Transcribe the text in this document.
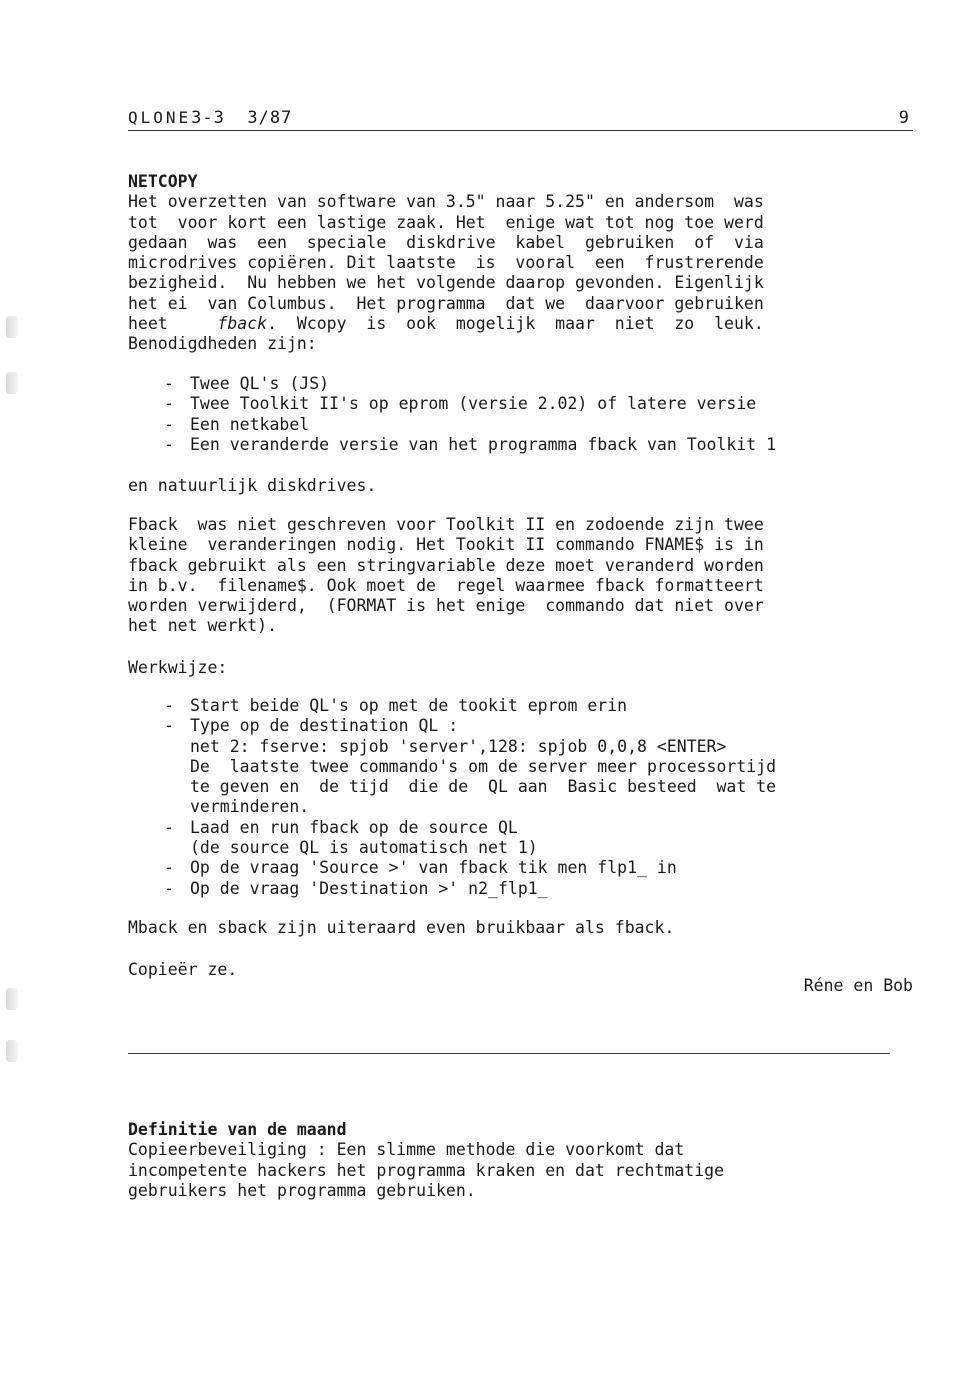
QLONE3-3  3/87	9
NETCOPY
Het overzetten van software van 3.5" naar 5.25" en andersom  was
tot  voor kort een lastige zaak. Het  enige wat tot nog toe werd
gedaan  was  een  speciale  diskdrive  kabel  gebruiken  of  via
microdrives copiëren. Dit laatste  is  vooral  een  frustrerende
bezigheid.  Nu hebben we het volgende daarop gevonden. Eigenlijk
het ei  van Columbus.  Het programma  dat we  daarvoor gebruiken
heet     fback.  Wcopy  is  ook  mogelijk  maar  niet  zo  leuk.
Benodigdheden zijn:
- Twee QL's (JS)
- Twee Toolkit II's op eprom (versie 2.02) of latere versie
- Een netkabel
- Een veranderde versie van het programma fback van Toolkit 1
en natuurlijk diskdrives.
Fback  was niet geschreven voor Toolkit II en zodoende zijn twee
kleine  veranderingen nodig. Het Tookit II commando FNAME$ is in
fback gebruikt als een stringvariable deze moet veranderd worden
in b.v.  filename$. Ook moet de  regel waarmee fback formatteert
worden verwijderd,  (FORMAT is het enige  commando dat niet over
het net werkt).
Werkwijze:
- Start beide QL's op met de tookit eprom erin
- Type op de destination QL :
net 2: fserve: spjob 'server',128: spjob 0,0,8 <ENTER>
De  laatste twee commando's om de server meer processortijd
te geven en  de tijd  die de  QL aan  Basic besteed  wat te
verminderen.
- Laad en run fback op de source QL
(de source QL is automatisch net 1)
- Op de vraag 'Source >' van fback tik men flp1_ in
- Op de vraag 'Destination >' n2_flp1_
Mback en sback zijn uiteraard even bruikbaar als fback.
Copieër ze.
Réne en Bob
Definitie van de maand
Copieerbeveiliging : Een slimme methode die voorkomt dat
incompetente hackers het programma kraken en dat rechtmatige
gebruikers het programma gebruiken.
